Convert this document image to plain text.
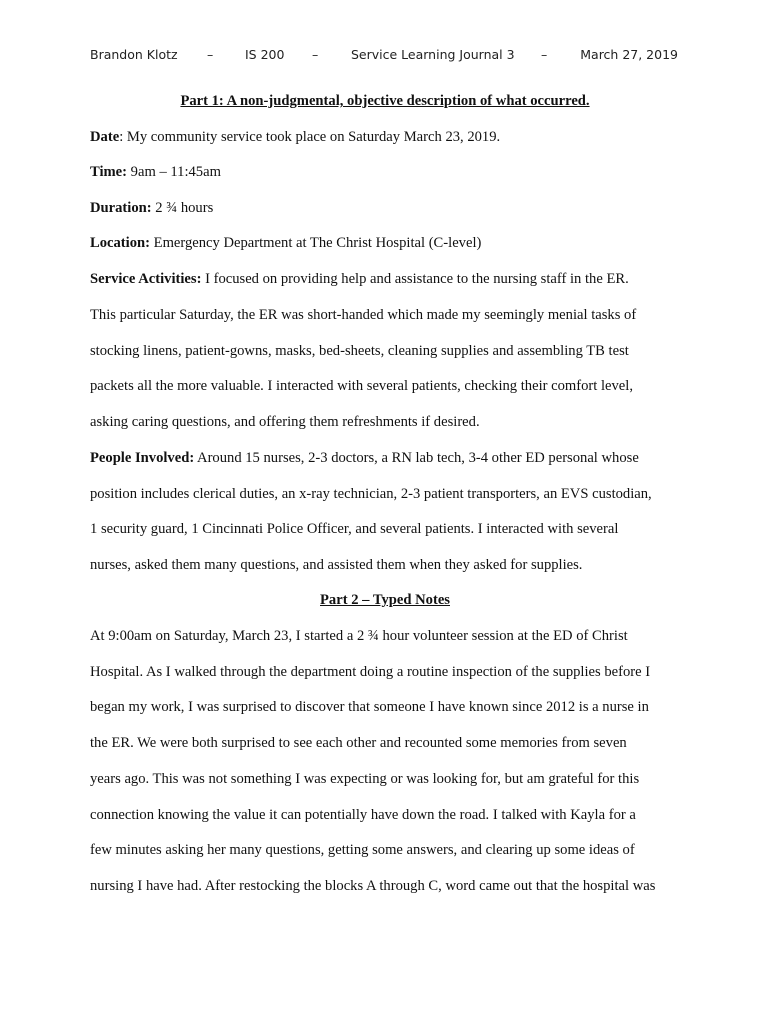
Brandon Klotz –	IS 200 –	Service Learning Journal 3 –	March 27, 2019
Part 1: A non-judgmental, objective description of what occurred.
Date: My community service took place on Saturday March 23, 2019.
Time: 9am – 11:45am
Duration: 2 ¾ hours
Location: Emergency Department at The Christ Hospital (C-level)
Service Activities: I focused on providing help and assistance to the nursing staff in the ER.
This particular Saturday, the ER was short-handed which made my seemingly menial tasks of
stocking linens, patient-gowns, masks, bed-sheets, cleaning supplies and assembling TB test
packets all the more valuable. I interacted with several patients, checking their comfort level,
asking caring questions, and offering them refreshments if desired.
People Involved: Around 15 nurses, 2-3 doctors, a RN lab tech, 3-4 other ED personal whose
position includes clerical duties, an x-ray technician, 2-3 patient transporters, an EVS custodian,
1 security guard, 1 Cincinnati Police Officer, and several patients. I interacted with several
nurses, asked them many questions, and assisted them when they asked for supplies.
Part 2 – Typed Notes
At 9:00am on Saturday, March 23, I started a 2 ¾ hour volunteer session at the ED of Christ
Hospital. As I walked through the department doing a routine inspection of the supplies before I
began my work, I was surprised to discover that someone I have known since 2012 is a nurse in
the ER. We were both surprised to see each other and recounted some memories from seven
years ago. This was not something I was expecting or was looking for, but am grateful for this
connection knowing the value it can potentially have down the road. I talked with Kayla for a
few minutes asking her many questions, getting some answers, and clearing up some ideas of
nursing I have had. After restocking the blocks A through C, word came out that the hospital was
